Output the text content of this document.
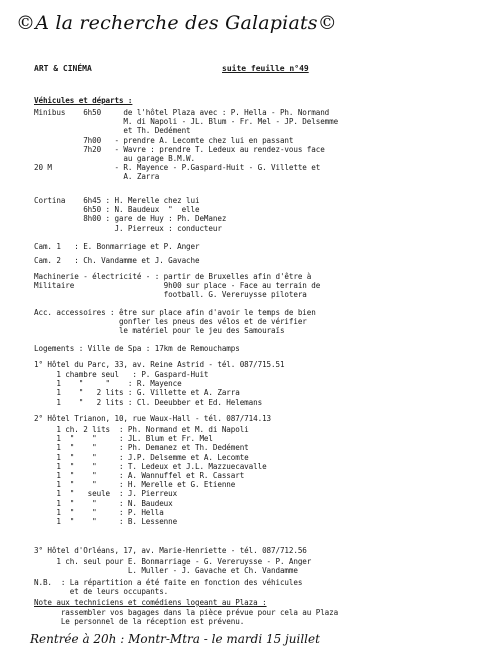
©A la recherche des Galapiats©
ART & CINÉMA	suite feuille n°49
Véhicules et départs :
Minibus    6h50     de l'hôtel Plaza avec : P. Hella - Ph. Normand
M. di Napoli - JL. Blum - Fr. Mel - JP. Delsemme
et Th. Dedément
7h00   - prendre A. Lecomte chez lui en passant
7h20   - Wavre : prendre T. Ledeux au rendez-vous face
au garage B.M.W.
20 M              - R. Mayence - P.Gaspard-Huit - G. Villette et
A. Zarra
Cortina    6h45 : H. Merelle chez lui
6h50 : N. Baudeux  "  elle
8h00 : gare de Huy : Ph. DeManez
J. Pierreux : conducteur
Cam. 1   : E. Bonmarriage et P. Anger
Cam. 2   : Ch. Vandamme et J. Gavache
Machinerie - électricité - : partir de Bruxelles afin d'être à
Militaire                    9h00 sur place - Face au terrain de
football. G. Vereruysse pilotera
Acc. accessoires : être sur place afin d'avoir le temps de bien
gonfler les pneus des vélos et de vérifier
le matériel pour le jeu des Samouraïs
Logements : Ville de Spa : 17km de Remouchamps
1° Hôtel du Parc, 33, av. Reine Astrid - tél. 087/715.51
1 chambre seul   : P. Gaspard-Huit
1    "     "    : R. Mayence
1    "   2 lits : G. Villette et A. Zarra
1    "   2 lits : Cl. Deeubber et Ed. Helemans
2° Hôtel Trianon, 10, rue Waux-Hall - tél. 087/714.13
1 ch. 2 lits  : Ph. Normand et M. di Napoli
1  "    "     : JL. Blum et Fr. Mel
1  "    "     : Ph. Demanez et Th. Dedément
1  "    "     : J.P. Delsemme et A. Lecomte
1  "    "     : T. Ledeux et J.L. Mazzuecavalle
1  "    "     : A. Wannuffel et R. Cassart
1  "    "     : H. Merelle et G. Etienne
1  "   seule  : J. Pierreux
1  "    "     : N. Baudeux
1  "    "     : P. Hella
1  "    "     : B. Lessenne
3° Hôtel d'Orléans, 17, av. Marie-Henriette - tél. 087/712.56
1 ch. seul pour E. Bonmarriage - G. Vereruysse - P. Anger
L. Muller - J. Gavache et Ch. Vandamme
N.B.  : La répartition a été faite en fonction des véhicules
et de leurs occupants.
Note aux techniciens et comédiens logeant au Plaza :
rassembler vos bagages dans la pièce prévue pour cela au Plaza
Le personnel de la réception est prévenu.
Rentrée à 20h : Montr-Mtra - le mardi 15 juillet
